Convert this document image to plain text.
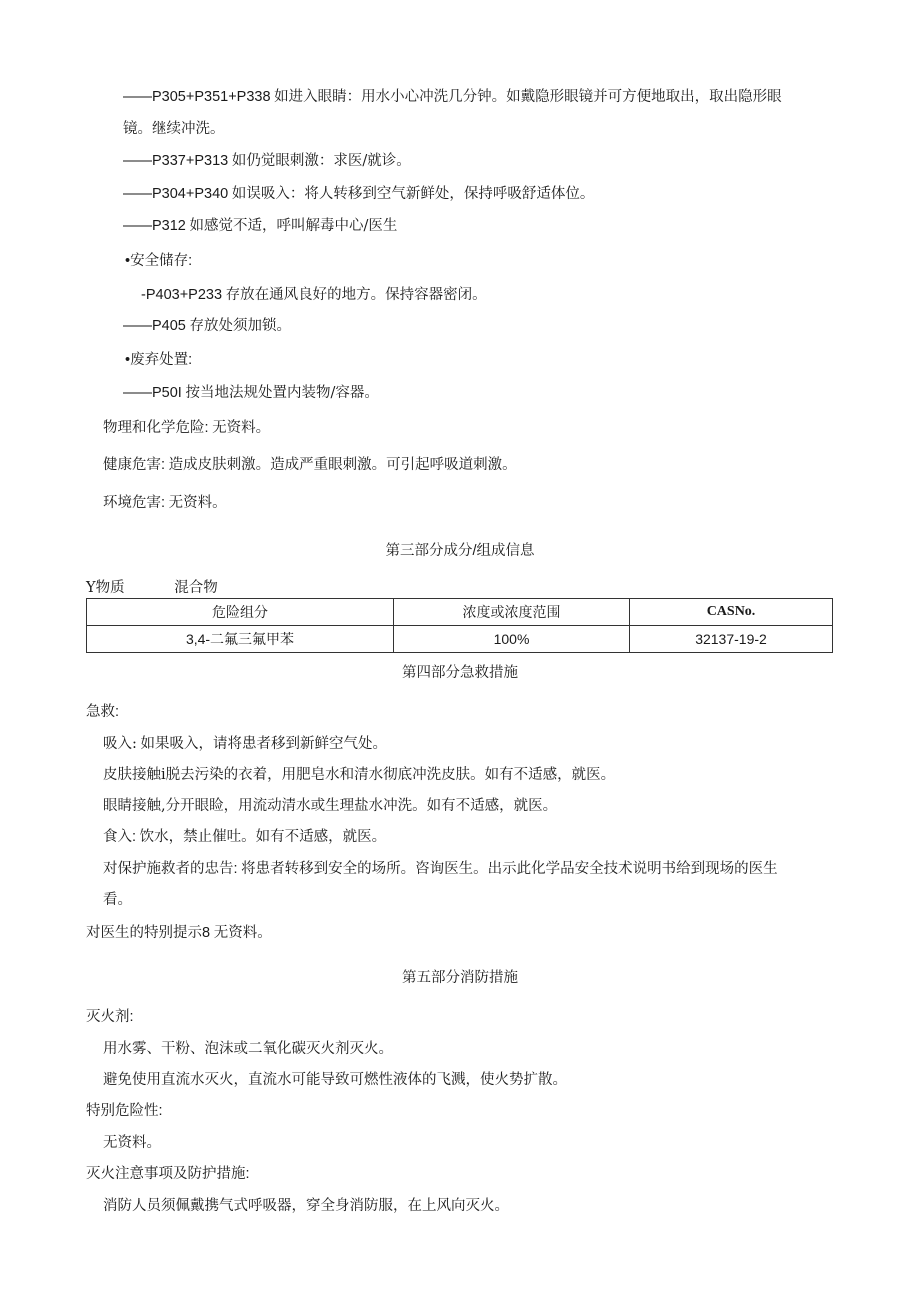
——P305+P351+P338 如进入眼睛：用水小心冲洗几分钟。如戴隐形眼镜并可方便地取出，取出隐形眼
镜。继续冲洗。
——P337+P313 如仍觉眼刺激：求医/就诊。
——P304+P340 如误吸入：将人转移到空气新鲜处，保持呼吸舒适体位。
——P312 如感觉不适，呼叫解毒中心/医生
•安全储存:
-P403+P233 存放在通风良好的地方。保持容器密闭。
——P405 存放处须加锁。
•废弃处置:
——P50I 按当地法规处置内装物/容器。
物理和化学危险: 无资料。
健康危害: 造成皮肤刺激。造成严重眼刺激。可引起呼吸道刺激。
环境危害: 无资料。
第三部分成分/组成信息
Y物质	混合物
危险组分	浓度或浓度范围	CASNo.
3,4-二氟三氟甲苯	100%	32137-19-2
第四部分急救措施
急救:
吸入: 如果吸入，请将患者移到新鲜空气处。
皮肤接触i脱去污染的衣着，用肥皂水和清水彻底冲洗皮肤。如有不适感，就医。
眼睛接触,分开眼睑，用流动清水或生理盐水冲洗。如有不适感，就医。
食入: 饮水，禁止催吐。如有不适感，就医。
对保护施救者的忠告: 将患者转移到安全的场所。咨询医生。出示此化学品安全技术说明书给到现场的医生
看。
对医生的特别提示8 无资料。
第五部分消防措施
灭火剂:
用水雾、干粉、泡沫或二氧化碳灭火剂灭火。
避免使用直流水灭火，直流水可能导致可燃性液体的飞溅，使火势扩散。
特别危险性:
无资料。
灭火注意事项及防护措施:
消防人员须佩戴携气式呼吸器，穿全身消防服，在上风向灭火。
